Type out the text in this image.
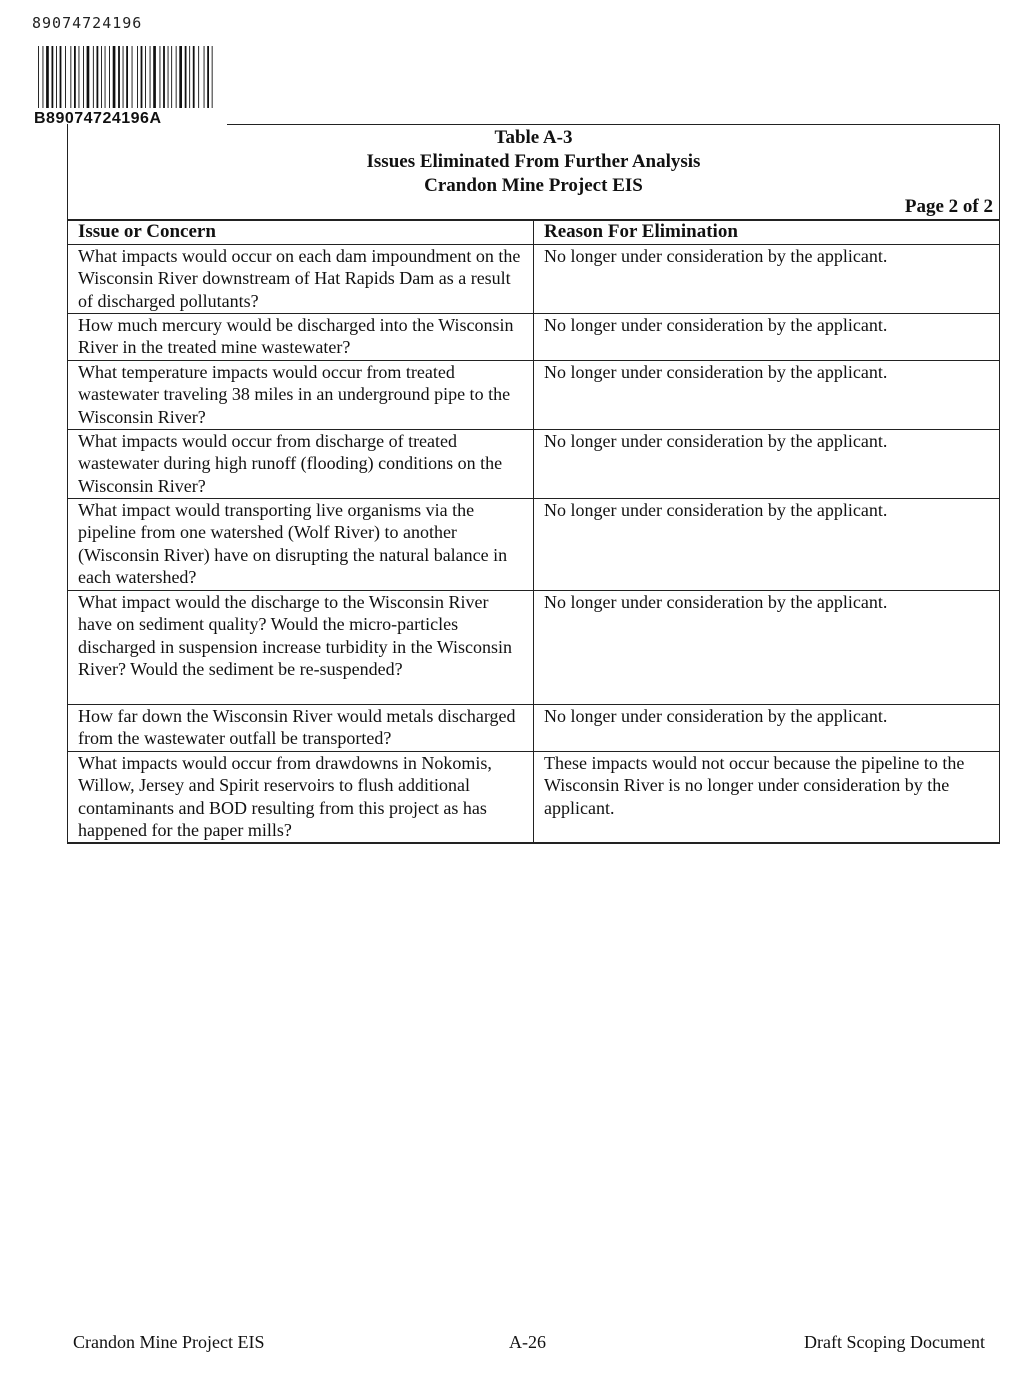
89074724196
B89074724196A
Table A-3
Issues Eliminated From Further Analysis
Crandon Mine Project EIS
Page 2 of 2
Issue or Concern	Reason For Elimination
What impacts would occur on each dam impoundment on the Wisconsin River downstream of Hat Rapids Dam as a result of discharged pollutants?	No longer under consideration by the applicant.
How much mercury would be discharged into the Wisconsin River in the treated mine wastewater?	No longer under consideration by the applicant.
What temperature impacts would occur from treated wastewater traveling 38 miles in an underground pipe to the Wisconsin River?	No longer under consideration by the applicant.
What impacts would occur from discharge of treated wastewater during high runoff (flooding) conditions on the Wisconsin River?	No longer under consideration by the applicant.
What impact would transporting live organisms via the pipeline from one watershed (Wolf River) to another (Wisconsin River) have on disrupting the natural balance in each watershed?	No longer under consideration by the applicant.
What impact would the discharge to the Wisconsin River have on sediment quality? Would the micro-particles discharged in suspension increase turbidity in the Wisconsin River? Would the sediment be re-suspended?	No longer under consideration by the applicant.
How far down the Wisconsin River would metals discharged from the wastewater outfall be transported?	No longer under consideration by the applicant.
What impacts would occur from drawdowns in Nokomis, Willow, Jersey and Spirit reservoirs to flush additional contaminants and BOD resulting from this project as has happened for the paper mills?	These impacts would not occur because the pipeline to the Wisconsin River is no longer under consideration by the applicant.
Crandon Mine Project EIS	A-26	Draft Scoping Document
